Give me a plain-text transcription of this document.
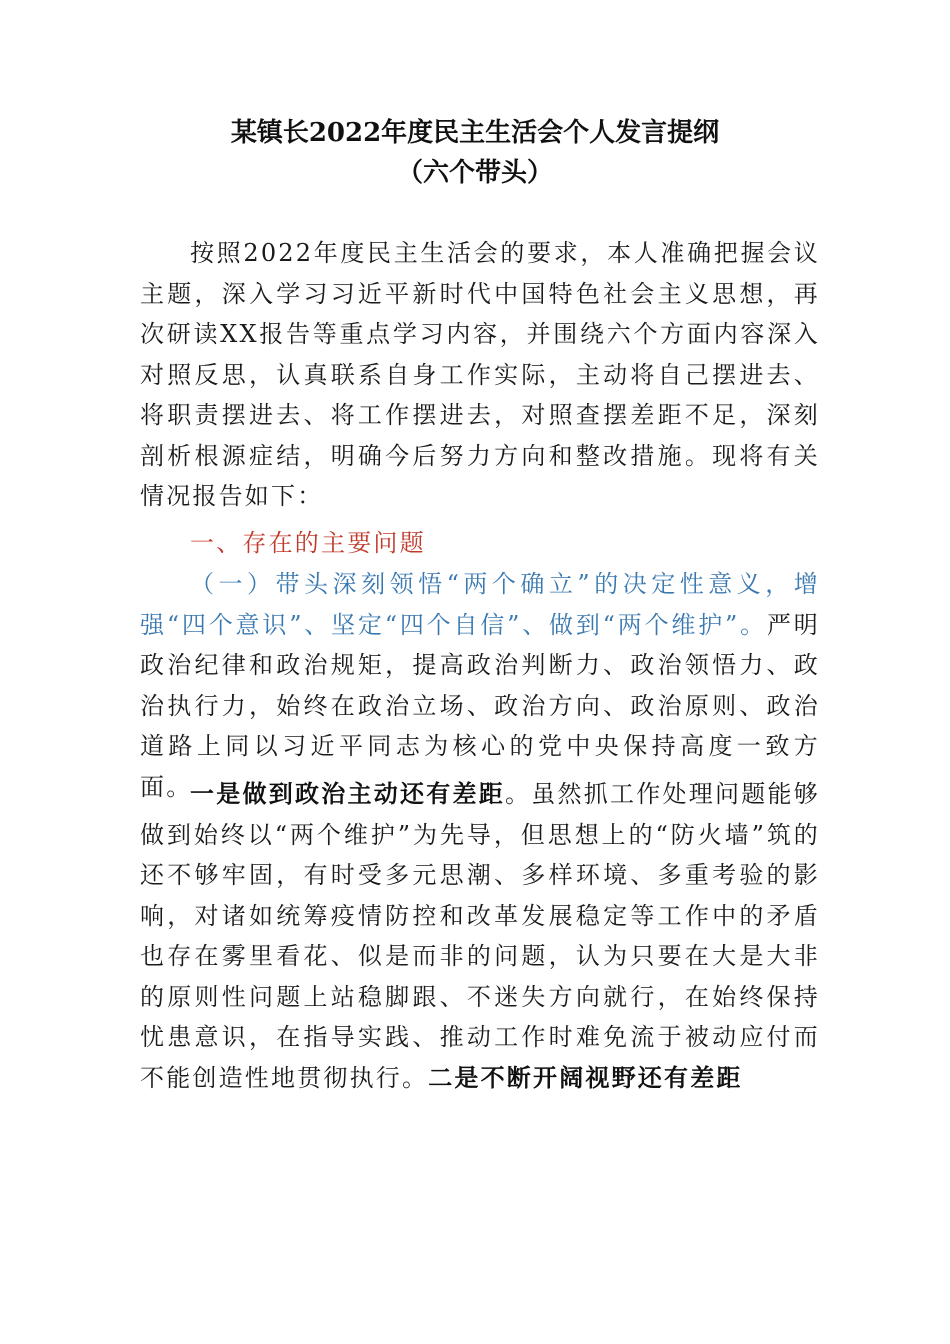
某镇长2022年度民主生活会个人发言提纲
（六个带头）
按照2022年度民主生活会的要求，本人准确把握会议主题，深入学习习近平新时代中国特色社会主义思想，再次研读XX报告等重点学习内容，并围绕六个方面内容深入对照反思，认真联系自身工作实际，主动将自己摆进去、将职责摆进去、将工作摆进去，对照查摆差距不足，深刻剖析根源症结，明确今后努力方向和整改措施。现将有关情况报告如下：
一、存在的主要问题
（一）带头深刻领悟“两个确立”的决定性意义，增强“四个意识”、坚定“四个自信”、做到“两个维护”。严明政治纪律和政治规矩，提高政治判断力、政治领悟力、政治执行力，始终在政治立场、政治方向、政治原则、政治道路上同以习近平同志为核心的党中央保持高度一致方面。
一是做到政治主动还有差距。虽然抓工作处理问题能够做到始终以“两个维护”为先导，但思想上的“防火墙”筑的还不够牢固，有时受多元思潮、多样环境、多重考验的影响，对诸如统筹疫情防控和改革发展稳定等工作中的矛盾也存在雾里看花、似是而非的问题，认为只要在大是大非的原则性问题上站稳脚跟、不迷失方向就行，在始终保持忧患意识，在指导实践、推动工作时难免流于被动应付而不能创造性地贯彻执行。二是不断开阔视野还有差距
